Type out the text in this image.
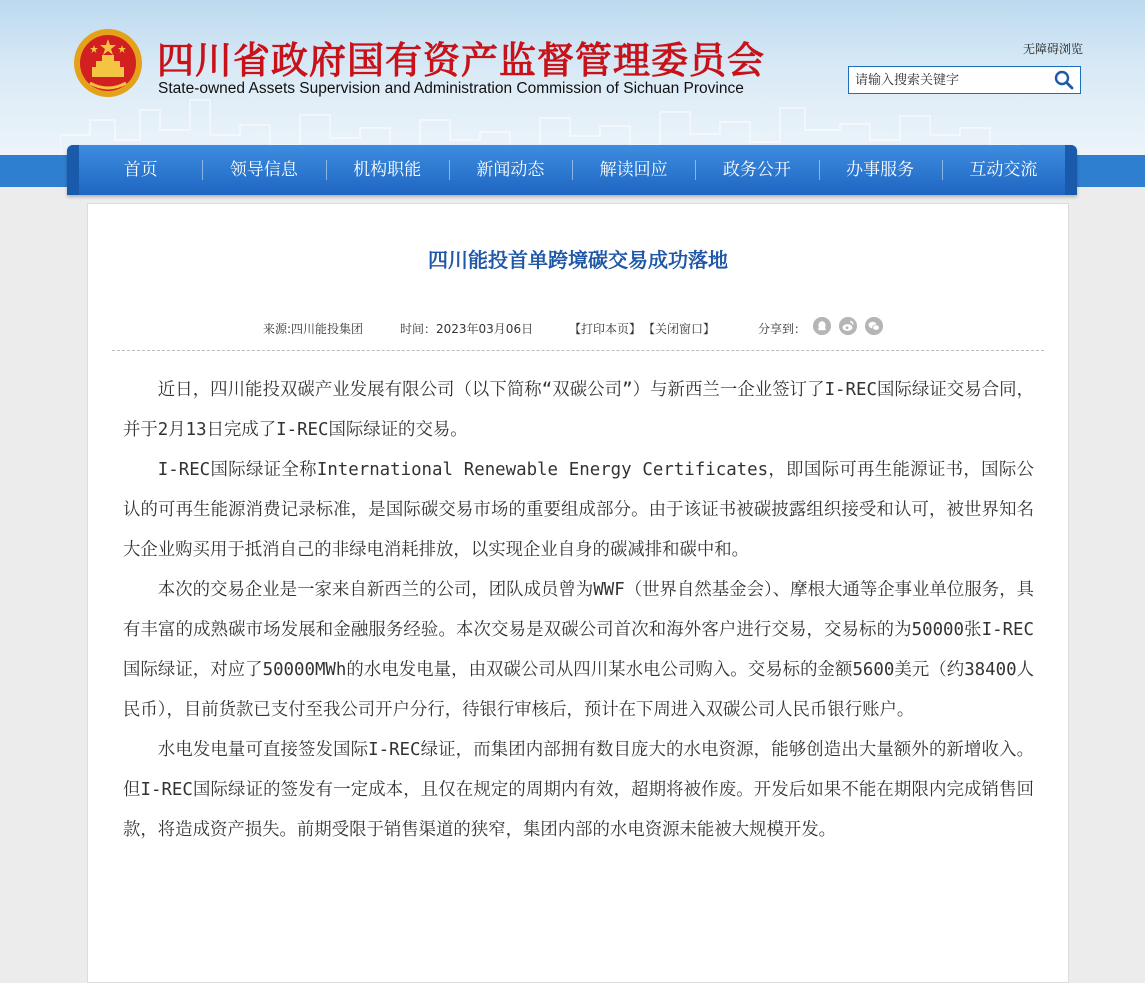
四川省政府国有资产监督管理委员会
State-owned Assets Supervision and Administration Commission of Sichuan Province
无障碍浏览
请输入搜索关键字
首页	领导信息	机构职能	新闻动态	解读回应	政务公开	办事服务	互动交流
四川能投首单跨境碳交易成功落地
来源:四川能投集团	时间：2023年03月06日	【打印本页】 【关闭窗口】	分享到：

近日，四川能投双碳产业发展有限公司（以下简称“双碳公司”）与新西兰一企业签订了I-REC国际绿证交易合同，并于2月13日完成了I-REC国际绿证的交易。

I-REC国际绿证全称International Renewable Energy Certificates，即国际可再生能源证书，国际公认的可再生能源消费记录标准，是国际碳交易市场的重要组成部分。由于该证书被碳披露组织接受和认可，被世界知名大企业购买用于抵消自己的非绿电消耗排放，以实现企业自身的碳减排和碳中和。

本次的交易企业是一家来自新西兰的公司，团队成员曾为WWF（世界自然基金会）、摩根大通等企事业单位服务，具有丰富的成熟碳市场发展和金融服务经验。本次交易是双碳公司首次和海外客户进行交易，交易标的为50000张I-REC国际绿证，对应了50000MWh的水电发电量，由双碳公司从四川某水电公司购入。交易标的金额5600美元（约38400人民币），目前货款已支付至我公司开户分行，待银行审核后，预计在下周进入双碳公司人民币银行账户。

水电发电量可直接签发国际I-REC绿证，而集团内部拥有数目庞大的水电资源，能够创造出大量额外的新增收入。但I-REC国际绿证的签发有一定成本，且仅在规定的周期内有效，超期将被作废。开发后如果不能在期限内完成销售回款，将造成资产损失。前期受限于销售渠道的狭窄，集团内部的水电资源未能被大规模开发。
